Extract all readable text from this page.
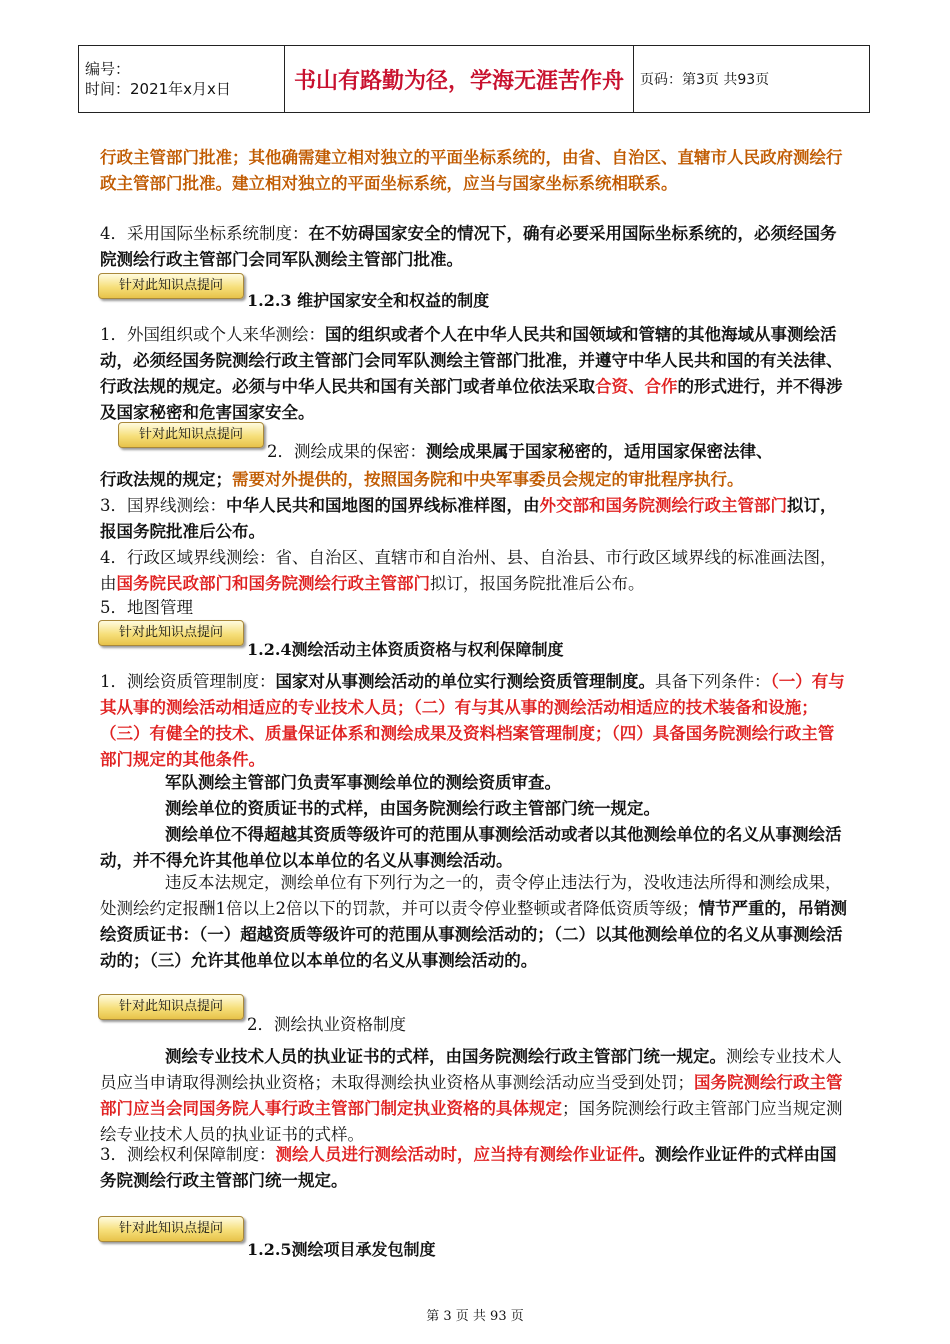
编号：
时间：2021年x月x日	书山有路勤为径，学海无涯苦作舟	页码：第3页 共93页

行政主管部门批准；其他确需建立相对独立的平面坐标系统的，由省、自治区、直辖市人民政府测绘行政主管部门批准。建立相对独立的平面坐标系统，应当与国家坐标系统相联系。

4．采用国际坐标系统制度：在不妨碍国家安全的情况下，确有必要采用国际坐标系统的，必须经国务院测绘行政主管部门会同军队测绘主管部门批准。

针对此知识点提问
1.2.3 维护国家安全和权益的制度

1．外国组织或个人来华测绘：国的组织或者个人在中华人民共和国领域和管辖的其他海域从事测绘活动，必须经国务院测绘行政主管部门会同军队测绘主管部门批准，并遵守中华人民共和国的有关法律、行政法规的规定。必须与中华人民共和国有关部门或者单位依法采取合资、合作的形式进行，并不得涉及国家秘密和危害国家安全。

针对此知识点提问
2．测绘成果的保密：测绘成果属于国家秘密的，适用国家保密法律、

行政法规的规定；需要对外提供的，按照国务院和中央军事委员会规定的审批程序执行。

3．国界线测绘：中华人民共和国地图的国界线标准样图，由外交部和国务院测绘行政主管部门拟订，报国务院批准后公布。

4．行政区域界线测绘：省、自治区、直辖市和自治州、县、自治县、市行政区域界线的标准画法图，由国务院民政部门和国务院测绘行政主管部门拟订，报国务院批准后公布。

5．地图管理

针对此知识点提问
1.2.4测绘活动主体资质资格与权利保障制度

1．测绘资质管理制度：国家对从事测绘活动的单位实行测绘资质管理制度。具备下列条件：（一）有与其从事的测绘活动相适应的专业技术人员；（二）有与其从事的测绘活动相适应的技术装备和设施；（三）有健全的技术、质量保证体系和测绘成果及资料档案管理制度；（四）具备国务院测绘行政主管部门规定的其他条件。

军队测绘主管部门负责军事测绘单位的测绘资质审查。

测绘单位的资质证书的式样，由国务院测绘行政主管部门统一规定。

测绘单位不得超越其资质等级许可的范围从事测绘活动或者以其他测绘单位的名义从事测绘活动，并不得允许其他单位以本单位的名义从事测绘活动。

违反本法规定，测绘单位有下列行为之一的，责令停止违法行为，没收违法所得和测绘成果，处测绘约定报酬1倍以上2倍以下的罚款，并可以责令停业整顿或者降低资质等级；情节严重的，吊销测绘资质证书：（一）超越资质等级许可的范围从事测绘活动的；（二）以其他测绘单位的名义从事测绘活动的；（三）允许其他单位以本单位的名义从事测绘活动的。

针对此知识点提问
2．测绘执业资格制度

测绘专业技术人员的执业证书的式样，由国务院测绘行政主管部门统一规定。测绘专业技术人员应当申请取得测绘执业资格；未取得测绘执业资格从事测绘活动应当受到处罚；国务院测绘行政主管部门应当会同国务院人事行政主管部门制定执业资格的具体规定；国务院测绘行政主管部门应当规定测绘专业技术人员的执业证书的式样。

3．测绘权利保障制度：测绘人员进行测绘活动时，应当持有测绘作业证件。测绘作业证件的式样由国务院测绘行政主管部门统一规定。

针对此知识点提问
1.2.5测绘项目承发包制度
第 3 页 共 93 页
